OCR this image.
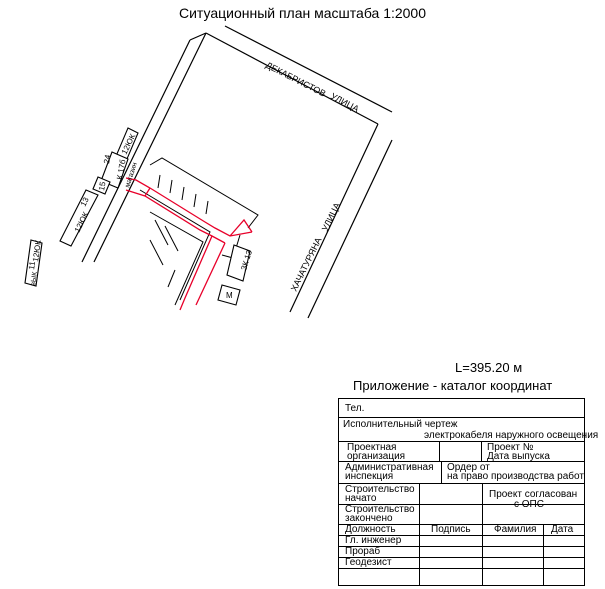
Ситуационный план масштаба 1:2000
ДЕКАБРИСТОВ
УЛИЦА
ХАЧАТУРЯНА
УЛИЦА
12ЮК
К 17б
24
магазин
15
12ЮК
13
12ЮК
11
вЫК
ЗК 13
М
L=395.20 м
Приложение - каталог координат
Тел.
Исполнительный чертеж
электрокабеля наружного освещения
Проектная
организация
Проект №
Дата выпуска
Административная
инспекция
Ордер от
на право производства работ
Строительство
начато
Строительство
закончено
Проект согласован
с ОПС
Должность	Подпись Фамилия Дата
Гл. инженер
Прораб
Геодезист
